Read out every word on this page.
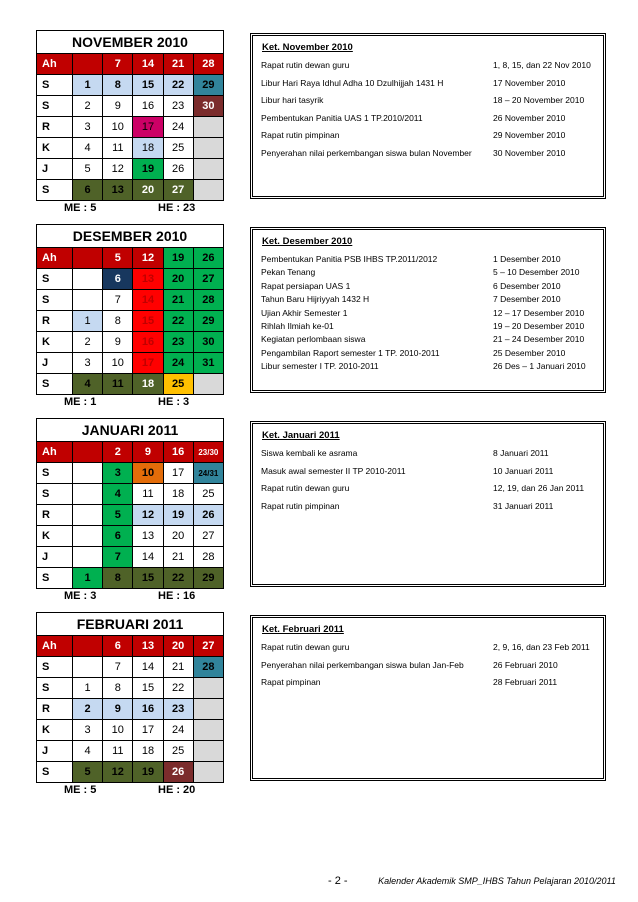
NOVEMBER 2010
Ah		7	14	21	28
S	1	8	15	22	29
S	2	9	16	23	30
R	3	10	17	24	
K	4	11	18	25	
J	5	12	19	26	
S	6	13	20	27	
ME : 5	HE : 23
Ket. November 2010
Rapat rutin dewan guru	1, 8, 15, dan 22 Nov 2010
Libur Hari Raya Idhul Adha 10 Dzulhijjah 1431 H	17 November 2010
Libur hari tasyrik	18 – 20 November 2010
Pembentukan Panitia UAS 1 TP.2010/2011	26 November 2010
Rapat rutin pimpinan	29 November 2010
Penyerahan nilai perkembangan siswa bulan November	30 November 2010
DESEMBER 2010
Ah		5	12	19	26
S		6	13	20	27
S		7	14	21	28
R	1	8	15	22	29
K	2	9	16	23	30
J	3	10	17	24	31
S	4	11	18	25	
ME : 1	HE : 3
Ket. Desember 2010
Pembentukan Panitia PSB IHBS TP.2011/2012	1 Desember 2010
Pekan Tenang	5 – 10 Desember 2010
Rapat persiapan UAS 1	6 Desember 2010
Tahun Baru Hijriyyah 1432 H	7 Desember 2010
Ujian Akhir Semester 1	12 – 17 Desember 2010
Rihlah Ilmiah ke-01	19 – 20 Desember 2010
Kegiatan perlombaan siswa	21 – 24 Desember 2010
Pengambilan Raport semester 1 TP. 2010-2011	25 Desember 2010
Libur semester I TP. 2010-2011	26 Des – 1 Januari 2010
JANUARI 2011
Ah		2	9	16	23/30
S		3	10	17	24/31
S		4	11	18	25
R		5	12	19	26
K		6	13	20	27
J		7	14	21	28
S	1	8	15	22	29
ME : 3	HE : 16
Ket. Januari 2011
Siswa kembali ke asrama	8 Januari 2011
Masuk awal semester II TP 2010-2011	10 Januari 2011
Rapat rutin dewan guru	12, 19, dan 26 Jan 2011
Rapat rutin pimpinan	31 Januari 2011
FEBRUARI 2011
Ah		6	13	20	27
S		7	14	21	28
S	1	8	15	22	
R	2	9	16	23	
K	3	10	17	24	
J	4	11	18	25	
S	5	12	19	26	
ME : 5	HE : 20
Ket. Februari 2011
Rapat rutin dewan guru	2, 9, 16, dan 23 Feb 2011
Penyerahan nilai perkembangan siswa bulan Jan-Feb	26 Februari 2010
Rapat pimpinan	28 Februari 2011
- 2 -	Kalender Akademik SMP_IHBS Tahun Pelajaran 2010/2011
